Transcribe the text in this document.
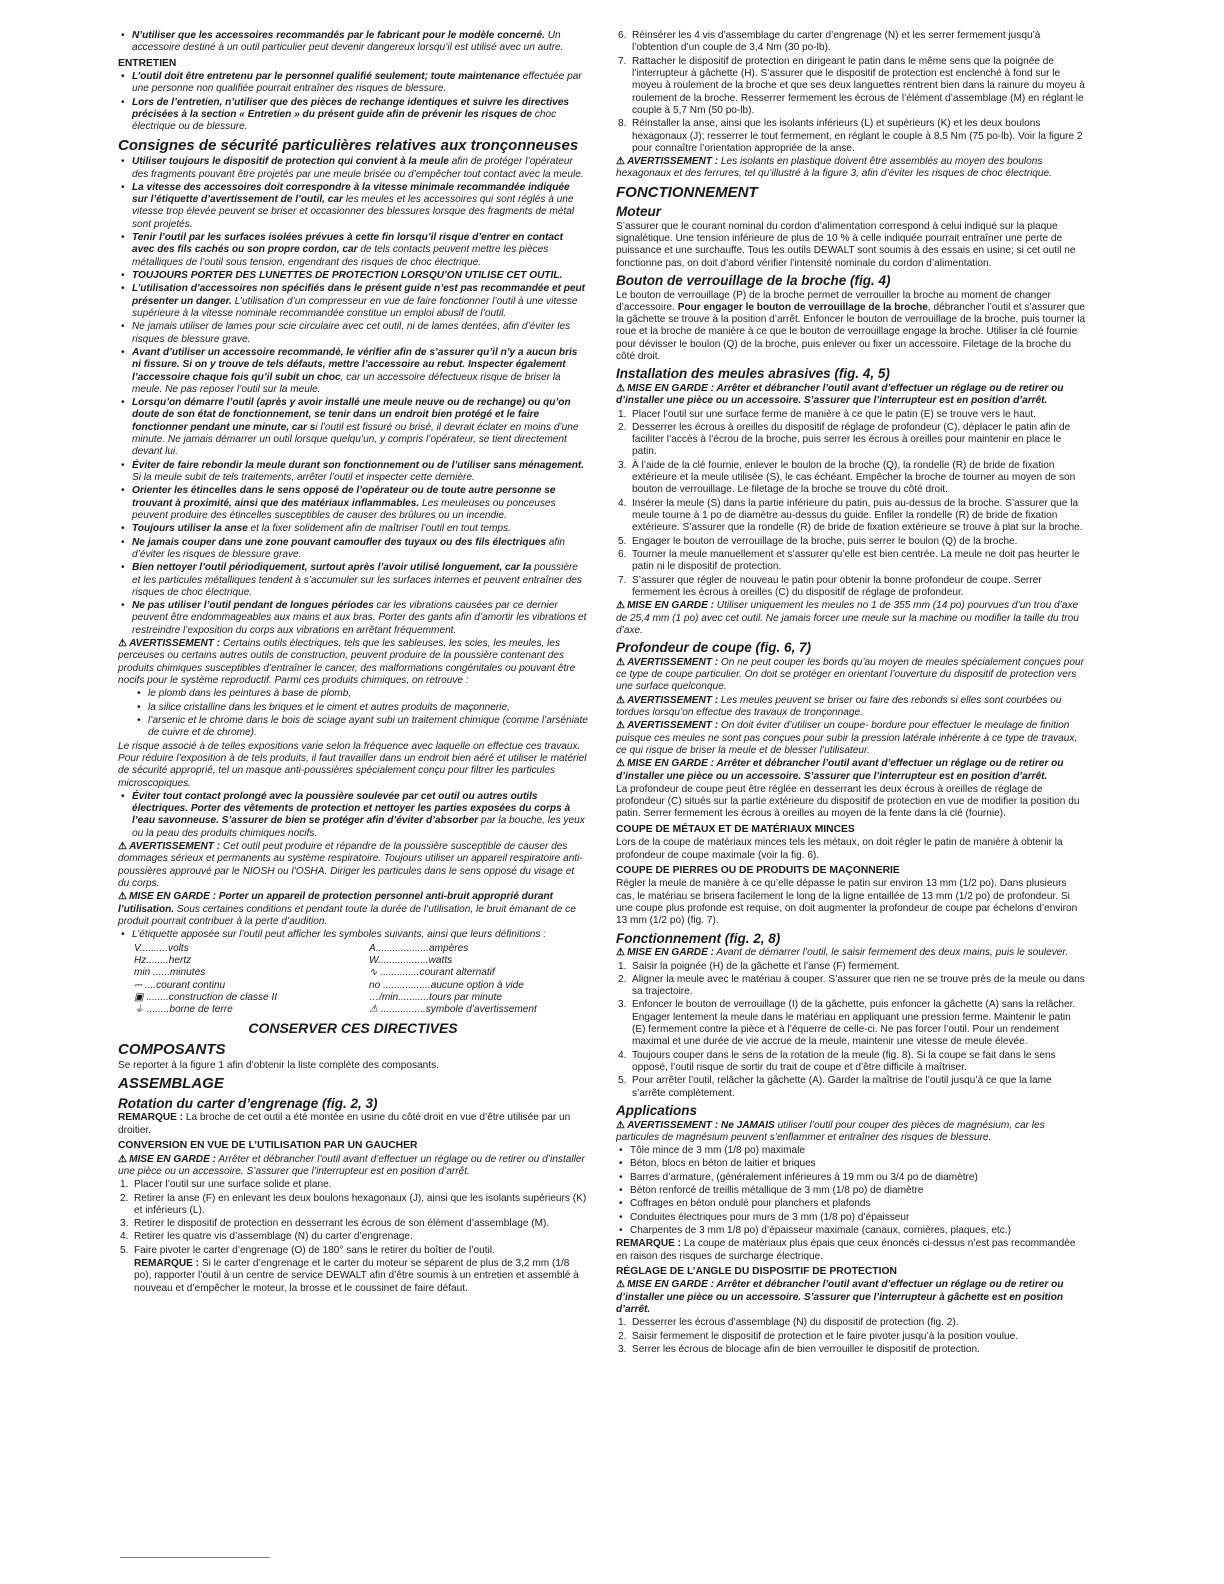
• N’utiliser que les accessoires recommandés par le fabricant pour le modèle concerné. Un accessoire destiné à un outil particulier peut devenir dangereux lorsqu’il est utilisé avec un autre.
ENTRETIEN
• L’outil doit être entretenu par le personnel qualifié seulement; toute maintenance effectuée par une personne non qualifiée pourrait entraîner des risques de blessure.
• Lors de l’entretien, n’utiliser que des pièces de rechange identiques et suivre les directives précisées à la section « Entretien » du présent guide afin de prévenir les risques de choc électrique ou de blessure.
Consignes de sécurité particulières relatives aux tronçonneuses
• Utiliser toujours le dispositif de protection qui convient à la meule afin de protéger l’opérateur des fragments pouvant être projetés par une meule brisée ou d’empêcher tout contact avec la meule.
• La vitesse des accessoires doit correspondre à la vitesse minimale recommandée indiquée sur l’étiquette d’avertissement de l’outil, car les meules et les accessoires qui sont réglés à une vitesse trop élevée peuvent se briser et occasionner des blessures lorsque des fragments de métal sont projetés.
• Tenir l’outil par les surfaces isolées prévues à cette fin lorsqu’il risque d’entrer en contact avec des fils cachés ou son propre cordon, car de tels contacts peuvent mettre les pièces métalliques de l’outil sous tension, engendrant des risques de choc électrique.
• TOUJOURS PORTER DES LUNETTES DE PROTECTION LORSQU’ON UTILISE CET OUTIL.
• L’utilisation d’accessoires non spécifiés dans le présent guide n’est pas recommandée et peut présenter un danger. L’utilisation d’un compresseur en vue de faire fonctionner l’outil à une vitesse supérieure à la vitesse nominale recommandée constitue un emploi abusif de l’outil.
• Ne jamais utiliser de lames pour scie circulaire avec cet outil, ni de lames dentées, afin d’éviter les risques de blessure grave.
• Avant d’utiliser un accessoire recommandé, le vérifier afin de s’assurer qu’il n’y a aucun bris ni fissure. Si on y trouve de tels défauts, mettre l’accessoire au rebut. Inspecter également l’accessoire chaque fois qu’il subit un choc, car un accessoire défectueux risque de briser la meule. Ne pas reposer l’outil sur la meule.
• Lorsqu’on démarre l’outil (après y avoir installé une meule neuve ou de rechange) ou qu’on doute de son état de fonctionnement, se tenir dans un endroit bien protégé et le faire fonctionner pendant une minute, car si l’outil est fissuré ou brisé, il devrait éclater en moins d’une minute. Ne jamais démarrer un outil lorsque quelqu’un, y compris l’opérateur, se tient directement devant lui.
• Éviter de faire rebondir la meule durant son fonctionnement ou de l’utiliser sans ménagement. Si la meule subit de tels traitements, arrêter l’outil et inspecter cette dernière.
• Orienter les étincelles dans le sens opposé de l’opérateur ou de toute autre personne se trouvant à proximité, ainsi que des matériaux inflammables. Les meuleuses ou ponceuses peuvent produire des étincelles susceptibles de causer des brûlures ou un incendie.
• Toujours utiliser la anse et la fixer solidement afin de maîtriser l’outil en tout temps.
• Ne jamais couper dans une zone pouvant camoufler des tuyaux ou des fils électriques afin d’éviter les risques de blessure grave.
• Bien nettoyer l’outil périodiquement, surtout après l’avoir utilisé longuement, car la poussière et les particules métalliques tendent à s’accumuler sur les surfaces internes et peuvent entraîner des risques de choc électrique.
• Ne pas utiliser l’outil pendant de longues périodes car les vibrations causées par ce dernier peuvent être endommageables aux mains et aux bras. Porter des gants afin d’amortir les vibrations et restreindre l’exposition du corps aux vibrations en arrêtant fréquemment.

⚠ AVERTISSEMENT : Certains outils électriques, tels que les sableuses, les scies, les meules, les perceuses ou certains autres outils de construction, peuvent produire de la poussière contenant des produits chimiques susceptibles d’entraîner le cancer, des malformations congénitales ou pouvant être nocifs pour le système reproductif. Parmi ces produits chimiques, on retrouve :

• le plomb dans les peintures à base de plomb,
• la silice cristalline dans les briques et le ciment et autres produits de maçonnerie,
• l’arsenic et le chrome dans le bois de sciage ayant subi un traitement chimique (comme l’arséniate de cuivre et de chrome).

Le risque associé à de telles expositions varie selon la fréquence avec laquelle on effectue ces travaux. Pour réduire l’exposition à de tels produits, il faut travailler dans un endroit bien aéré et utiliser le matériel de sécurité approprié, tel un masque anti-poussières spécialement conçu pour filtrer les particules microscopiques.

• Éviter tout contact prolongé avec la poussière soulevée par cet outil ou autres outils électriques. Porter des vêtements de protection et nettoyer les parties exposées du corps à l’eau savonneuse. S’assurer de bien se protéger afin d’éviter d’absorber par la bouche, les yeux ou la peau des produits chimiques nocifs.

⚠ AVERTISSEMENT : Cet outil peut produire et répandre de la poussière susceptible de causer des dommages sérieux et permanents au système respiratoire. Toujours utiliser un appareil respiratoire anti-poussières approuvé par le NIOSH ou l’OSHA. Diriger les particules dans le sens opposé du visage et du corps.

⚠ MISE EN GARDE : Porter un appareil de protection personnel anti-bruit approprié durant l’utilisation. Sous certaines conditions et pendant toute la durée de l’utilisation, le bruit émanant de ce produit pourrait contribuer à la perte d’audition.

• L’étiquette apposée sur l’outil peut afficher les symboles suivants, ainsi que leurs définitions :
V..........volts	A...................ampères
Hz........hertz	W..................watts
min ......minutes	∿ ..............courant alternatif
⎓ ....courant continu	no .................aucune option à vide
▣ ........construction de classe II	…/min...........tours par minute
⏚ ........borne de terre	⚠ ................symbole d’avertissement
CONSERVER CES DIRECTIVES
COMPOSANTS

Se reporter à la figure 1 afin d’obtenir la liste complète des composants.

ASSEMBLAGE
Rotation du carter d’engrenage (fig. 2, 3)

REMARQUE : La broche de cet outil a été montée en usine du côté droit en vue d’être utilisée par un droitier.

CONVERSION EN VUE DE L’UTILISATION PAR UN GAUCHER

⚠ MISE EN GARDE : Arrêter et débrancher l’outil avant d’effectuer un réglage ou de retirer ou d’installer une pièce ou un accessoire. S’assurer que l’interrupteur est en position d’arrêt.

1. Placer l’outil sur une surface solide et plane.
2. Retirer la anse (F) en enlevant les deux boulons hexagonaux (J), ainsi que les isolants supérieurs (K) et inférieurs (L).
3. Retirer le dispositif de protection en desserrant les écrous de son élément d’assemblage (M).
4. Retirer les quatre vis d’assemblage (N) du carter d’engrenage.
5. Faire pivoter le carter d’engrenage (O) de 180° sans le retirer du boîtier de l’outil.

REMARQUE : Si le carter d’engrenage et le carter du moteur se séparent de plus de 3,2 mm (1/8 po), rapporter l’outil à un centre de service DEWALT afin d’être soumis à un entretien et assemblé à nouveau et d’empêcher le moteur, la brosse et le coussinet de faire défaut.

6. Réinsérer les 4 vis d’assemblage du carter d’engrenage (N) et les serrer fermement jusqu’à l’obtention d’un couple de 3,4 Nm (30 po-lb).
7. Rattacher le dispositif de protection en dirigeant le patin dans le même sens que la poignée de l’interrupteur à gâchette (H). S’assurer que le dispositif de protection est enclenché à fond sur le moyeu à roulement de la broche et que ses deux languettes rentrent bien dans la rainure du moyeu à roulement de la broche. Resserrer fermement les écrous de l’élément d’assemblage (M) en réglant le couple à 5,7 Nm (50 po-lb).
8. Réinstaller la anse, ainsi que les isolants inférieurs (L) et supérieurs (K) et les deux boulons hexagonaux (J); resserrer le tout fermement, en réglant le couple à 8,5 Nm (75 po-lb). Voir la figure 2 pour connaître l’orientation appropriée de la anse.

⚠ AVERTISSEMENT : Les isolants en plastique doivent être assemblés au moyen des boulons hexagonaux et des ferrures, tel qu’illustré à la figure 3, afin d’éviter les risques de choc électrique.

FONCTIONNEMENT
Moteur

S’assurer que le courant nominal du cordon d’alimentation correspond à celui indiqué sur la plaque signalétique. Une tension inférieure de plus de 10 % à celle indiquée pourrait entraîner une perte de puissance et une surchauffe. Tous les outils DEWALT sont soumis à des essais en usine; si cet outil ne fonctionne pas, on doit d’abord vérifier l’intensité nominale du cordon d’alimentation.

Bouton de verrouillage de la broche (fig. 4)

Le bouton de verrouillage (P) de la broche permet de verrouiller la broche au moment de changer d’accessoire. Pour engager le bouton de verrouillage de la broche, débrancher l’outil et s’assurer que la gâchette se trouve à la position d’arrêt. Enfoncer le bouton de verrouillage de la broche, puis tourner la roue et la broche de manière à ce que le bouton de verrouillage engage la broche. Utiliser la clé fournie pour dévisser le boulon (Q) de la broche, puis enlever ou fixer un accessoire. Filetage de la broche du côté droit.

Installation des meules abrasives (fig. 4, 5)

⚠ MISE EN GARDE : Arrêter et débrancher l’outil avant d’effectuer un réglage ou de retirer ou d’installer une pièce ou un accessoire. S’assurer que l’interrupteur est en position d’arrêt.

1. Placer l’outil sur une surface ferme de manière à ce que le patin (E) se trouve vers le haut.
2. Desserrer les écrous à oreilles du dispositif de réglage de profondeur (C), déplacer le patin afin de faciliter l’accès à l’écrou de la broche, puis serrer les écrous à oreilles pour maintenir en place le patin.
3. À l’aide de la clé fournie, enlever le boulon de la broche (Q), la rondelle (R) de bride de fixation extérieure et la meule utilisée (S), le cas échéant. Empêcher la broche de tourner au moyen de son bouton de verrouillage. Le filetage de la broche se trouve du côté droit.
4. Insérer la meule (S) dans la partie inférieure du patin, puis au-dessus de la broche. S’assurer que la meule tourne à 1 po de diamètre au-dessus du guide. Enfiler la rondelle (R) de bride de fixation extérieure. S’assurer que la rondelle (R) de bride de fixation extérieure se trouve à plat sur la broche.
5. Engager le bouton de verrouillage de la broche, puis serrer le boulon (Q) de la broche.
6. Tourner la meule manuellement et s’assurer qu’elle est bien centrée. La meule ne doit pas heurter le patin ni le dispositif de protection.
7. S’assurer que régler de nouveau le patin pour obtenir la bonne profondeur de coupe. Serrer fermement les écrous à oreilles (C) du dispositif de réglage de profondeur.

⚠ MISE EN GARDE : Utiliser uniquement les meules no 1 de 355 mm (14 po) pourvues d’un trou d’axe de 25,4 mm (1 po) avec cet outil. Ne jamais forcer une meule sur la machine ou modifier la taille du trou d’axe.

Profondeur de coupe (fig. 6, 7)

⚠ AVERTISSEMENT : On ne peut couper les bords qu’au moyen de meules spécialement conçues pour ce type de coupe particulier. On doit se protéger en orientant l’ouverture du dispositif de protection vers une surface quelconque.

⚠ AVERTISSEMENT : Les meules peuvent se briser ou faire des rebonds si elles sont courbées ou tordues lorsqu’on effectue des travaux de tronçonnage.

⚠ AVERTISSEMENT : On doit éviter d’utiliser un coupe- bordure pour effectuer le meulage de finition puisque ces meules ne sont pas conçues pour subir la pression latérale inhérente à ce type de travaux, ce qui risque de briser la meule et de blesser l’utilisateur.

⚠ MISE EN GARDE : Arrêter et débrancher l’outil avant d’effectuer un réglage ou de retirer ou d’installer une pièce ou un accessoire. S’assurer que l’interrupteur est en position d’arrêt.

La profondeur de coupe peut être réglée en desserrant les deux écrous à oreilles de réglage de profondeur (C) situés sur la partie extérieure du dispositif de protection en vue de modifier la position du patin. Serrer fermement les écrous à oreilles au moyen de la fente dans la clé (fournie).

COUPE DE MÉTAUX ET DE MATÉRIAUX MINCES

Lors de la coupe de matériaux minces tels les métaux, on doit régler le patin de manière à obtenir la profondeur de coupe maximale (voir la fig. 6).

COUPE DE PIERRES OU DE PRODUITS DE MAÇONNERIE

Régler la meule de manière à ce qu’elle dépasse le patin sur environ 13 mm (1/2 po). Dans plusieurs cas, le matériau se brisera facilement le long de la ligne entaillée de 13 mm (1/2 po) de profondeur. Si une coupe plus profonde est requise, on doit augmenter la profondeur de coupe par échelons d’environ 13 mm (1/2 po) (fig. 7).

Fonctionnement (fig. 2, 8)

⚠ MISE EN GARDE : Avant de démarrer l’outil, le saisir fermement des deux mains, puis le soulever.

1. Saisir la poignée (H) de la gâchette et l’anse (F) fermement.
2. Aligner la meule avec le matériau à couper. S’assurer que rien ne se trouve près de la meule ou dans sa trajectoire.
3. Enfoncer le bouton de verrouillage (I) de la gâchette, puis enfoncer la gâchette (A) sans la relâcher. Engager lentement la meule dans le matériau en appliquant une pression ferme. Maintenir le patin (E) fermement contre la pièce et à l’équerre de celle-ci. Ne pas forcer l’outil. Pour un rendement maximal et une durée de vie accrue de la meule, maintenir une vitesse de meule élevée.
4. Toujours couper dans le sens de la rotation de la meule (fig. 8). Si la coupe se fait dans le sens opposé, l’outil risque de sortir du trait de coupe et d’être difficile à maîtriser.
5. Pour arrêter l’outil, relâcher la gâchette (A). Garder la maîtrise de l’outil jusqu’à ce que la lame s’arrête complètement.
Applications

⚠ AVERTISSEMENT : Ne JAMAIS utiliser l’outil pour couper des pièces de magnésium, car les particules de magnésium peuvent s’enflammer et entraîner des risques de blessure.

• Tôle mince de 3 mm (1/8 po) maximale
• Béton, blocs en béton de laitier et briques
• Barres d’armature, (généralement inférieures à 19 mm ou 3/4 po de diamètre)
• Béton renforcé de treillis métallique de 3 mm (1/8 po) de diamètre
• Coffrages en béton ondulé pour planchers et plafonds
• Conduites électriques pour murs de 3 mm (1/8 po) d’épaisseur
• Charpentes de 3 mm 1/8 po) d’épaisseur maximale (canaux, cornières, plaques, etc.)

REMARQUE : La coupe de matériaux plus épais que ceux énoncés ci-dessus n’est pas recommandée en raison des risques de surcharge électrique.

RÉGLAGE DE L’ANGLE DU DISPOSITIF DE PROTECTION

⚠ MISE EN GARDE : Arrêter et débrancher l’outil avant d’effectuer un réglage ou de retirer ou d’installer une pièce ou un accessoire. S’assurer que l’interrupteur à gâchette est en position d’arrêt.

1. Desserrer les écrous d’assemblage (N) du dispositif de protection (fig. 2).
2. Saisir fermement le dispositif de protection et le faire pivoter jusqu’à la position voulue.
3. Serrer les écrous de blocage afin de bien verrouiller le dispositif de protection.
